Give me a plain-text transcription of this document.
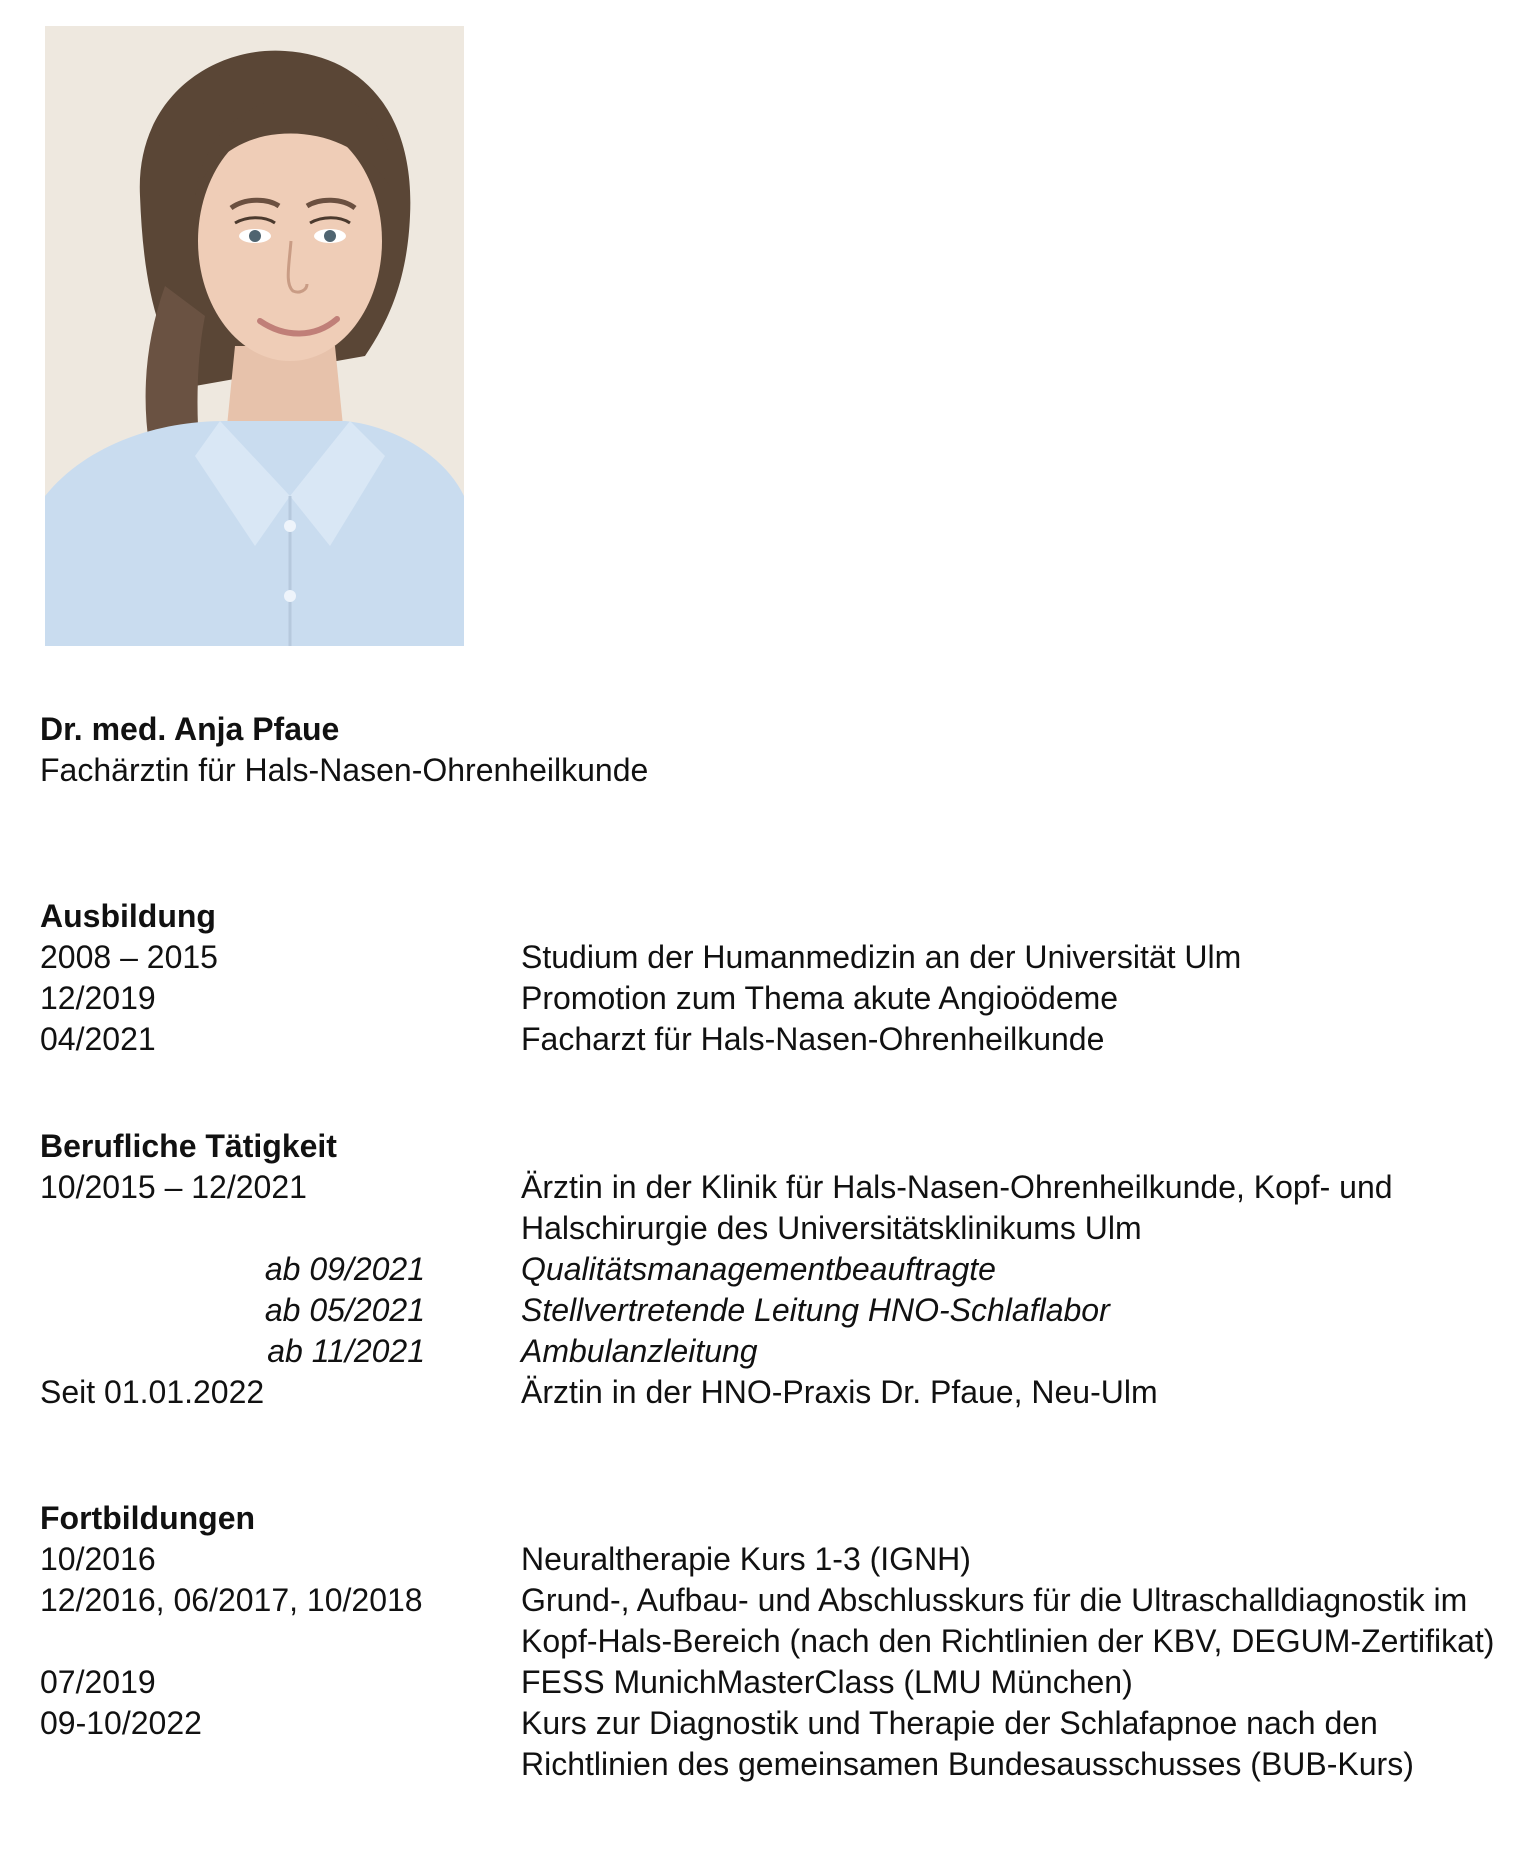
Dr. med. Anja Pfaue
Fachärztin für Hals-Nasen-Ohrenheilkunde
Ausbildung
2008 – 2015	Studium der Humanmedizin an der Universität Ulm
12/2019	Promotion zum Thema akute Angioödeme
04/2021	Facharzt für Hals-Nasen-Ohrenheilkunde
Berufliche Tätigkeit
10/2015 – 12/2021	Ärztin in der Klinik für Hals-Nasen-Ohrenheilkunde, Kopf- und Halschirurgie des Universitätsklinikums Ulm
ab 09/2021	Qualitätsmanagementbeauftragte
ab 05/2021	Stellvertretende Leitung HNO-Schlaflabor
ab 11/2021	Ambulanzleitung
Seit 01.01.2022	Ärztin in der HNO-Praxis Dr. Pfaue, Neu-Ulm
Fortbildungen
10/2016	Neuraltherapie Kurs 1-3 (IGNH)
12/2016, 06/2017, 10/2018	Grund-, Aufbau- und Abschlusskurs für die Ultraschalldiagnostik im Kopf-Hals-Bereich (nach den Richtlinien der KBV, DEGUM-Zertifikat)
07/2019	FESS MunichMasterClass (LMU München)
09-10/2022	Kurs zur Diagnostik und Therapie der Schlafapnoe nach den Richtlinien des gemeinsamen Bundesausschusses (BUB-Kurs)
